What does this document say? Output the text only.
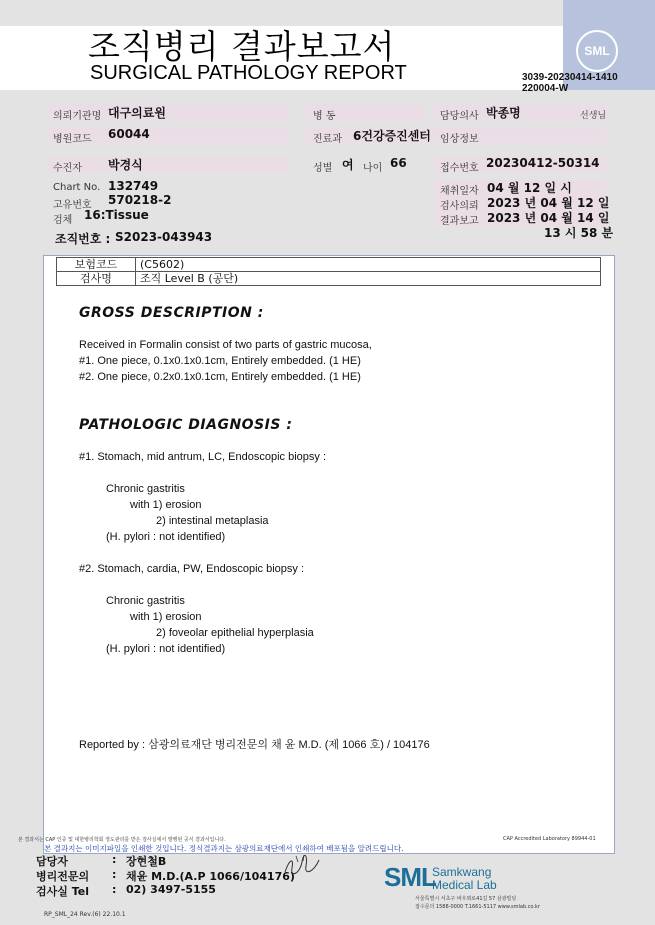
조직병리 결과보고서
SURGICAL PATHOLOGY REPORT
SML
3039-20230414-1410
220004-W
의뢰기관명 대구의료원	병 동	담당의사 박종명	선생님
병원코드 60044	진료과 6건강증진센터 임상정보
수진자 박경식	성별 여 나이 66	접수번호 20230412-50314
Chart No. 132749
고유번호 570218-2
검체 16:Tissue
채취일자 04 월 12 일 시
검사의뢰 2023 년 04 월 12 일
결과보고 2023 년 04 월 14 일
13 시 58 분
조직번호 : S2023-043943
보험코드	(C5602)
검사명	조직 Level B (공단)
GROSS DESCRIPTION :
Received in Formalin consist of two parts of gastric mucosa,
#1. One piece, 0.1x0.1x0.1cm, Entirely embedded. (1 HE)
#2. One piece, 0.2x0.1x0.1cm, Entirely embedded. (1 HE)
PATHOLOGIC DIAGNOSIS :
#1. Stomach, mid antrum, LC, Endoscopic biopsy :
Chronic gastritis
with 1) erosion
2) intestinal metaplasia
(H. pylori : not identified)
#2. Stomach, cardia, PW, Endoscopic biopsy :
Chronic gastritis
with 1) erosion
2) foveolar epithelial hyperplasia
(H. pylori : not identified)
Reported by : 삼광의료재단 병리전문의 채 윤 M.D. (제 1066 호) / 104176
본 결과서는 CAP 인증 및 대한병리학회 정도관리를 받은 검사실에서 발행된 공식 결과서입니다.	CAP Accredited Laboratory 89944-01
본 결과지는 이미지파일을 인쇄한 것입니다. 정식결과지는 삼광의료재단에서 인쇄하여 배포됨을 알려드립니다.
담당자	: 장현철B
병리전문의 : 채윤 M.D.(A.P 1066/104176)
검사실 Tel : 02) 3497-5155	SML
Samkwang
Medical Lab
서울특별시 서초구 바우뫼로41길 57 삼광빌딩
접수문의 1588-0000 T.1661-5117 www.smlab.co.kr
RP_SML_24 Rev.(6) 22.10.1
